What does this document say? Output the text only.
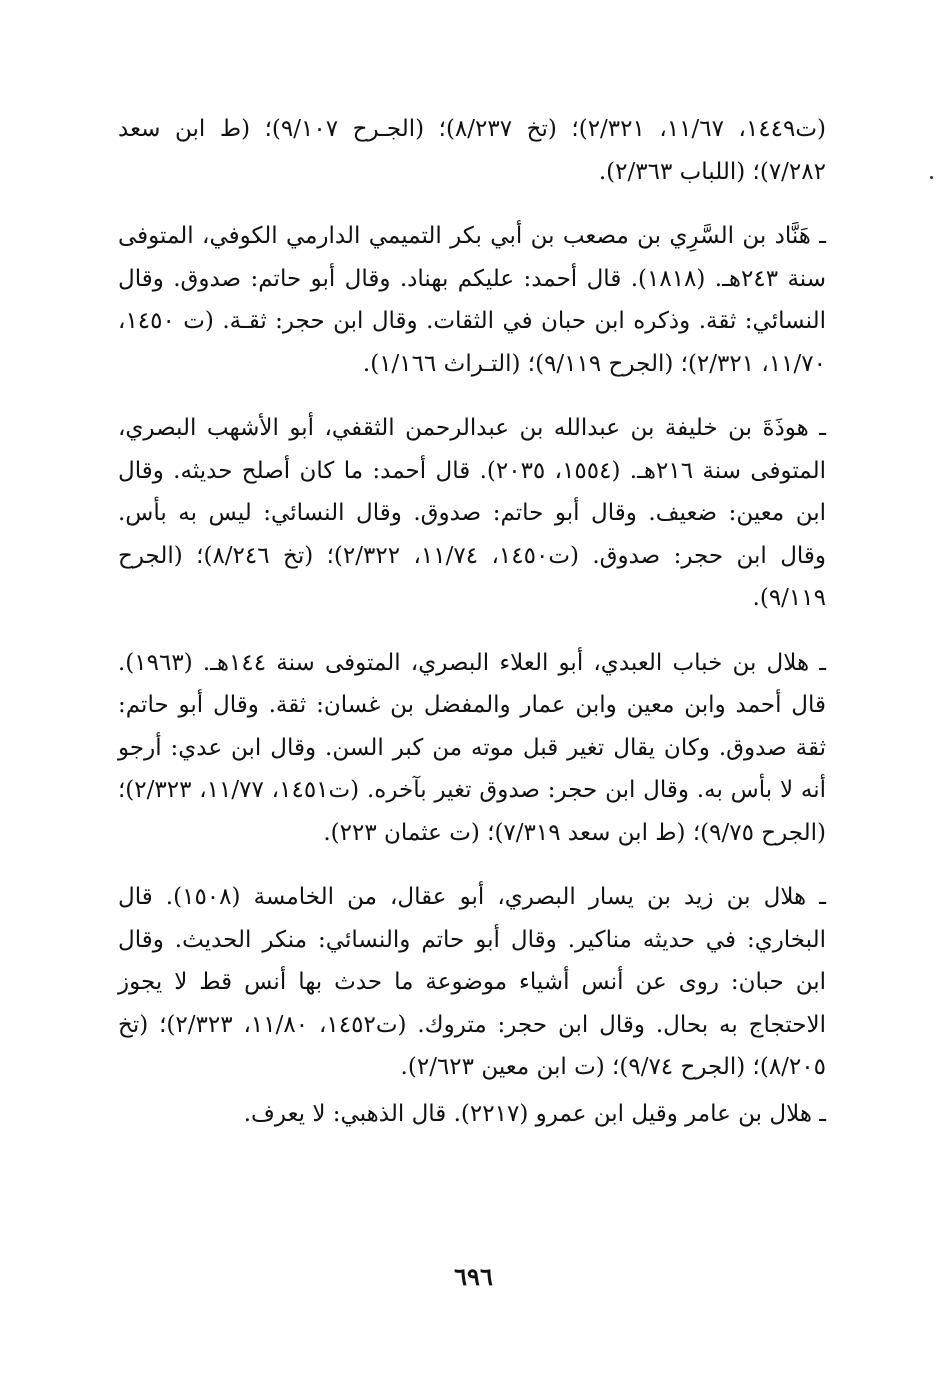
(ت١٤٤٩، ١١/٦٧، ٢/٣٢١)؛ (تخ ٨/٢٣٧)؛ (الجـرح ٩/١٠٧)؛ (ط ابن سعد ٧/٢٨٢)؛ (اللباب ٢/٣٦٣).

ـ هَنَّاد بن السَّرِي بن مصعب بن أبي بكر التميمي الدارمي الكوفي، المتوفى سنة ٢٤٣هـ. (١٨١٨). قال أحمد: عليكم بهناد. وقال أبو حاتم: صدوق. وقال النسائي: ثقة. وذكره ابن حبان في الثقات. وقال ابن حجر: ثقـة. (ت ١٤٥٠، ١١/٧٠، ٢/٣٢١)؛ (الجرح ٩/١١٩)؛ (التـراث ١/١٦٦).

ـ هوذَةَ بن خليفة بن عبدالله بن عبدالرحمن الثقفي، أبو الأشهب البصري، المتوفى سنة ٢١٦هـ. (١٥٥٤، ٢٠٣٥). قال أحمد: ما كان أصلح حديثه. وقال ابن معين: ضعيف. وقال أبو حاتم: صدوق. وقال النسائي: ليس به بأس. وقال ابن حجر: صدوق. (ت١٤٥٠، ١١/٧٤، ٢/٣٢٢)؛ (تخ ٨/٢٤٦)؛ (الجرح ٩/١١٩).

ـ هلال بن خباب العبدي، أبو العلاء البصري، المتوفى سنة ١٤٤هـ. (١٩٦٣). قال أحمد وابن معين وابن عمار والمفضل بن غسان: ثقة. وقال أبو حاتم: ثقة صدوق. وكان يقال تغير قبل موته من كبر السن. وقال ابن عدي: أرجو أنه لا بأس به. وقال ابن حجر: صدوق تغير بآخره. (ت١٤٥١، ١١/٧٧، ٢/٣٢٣)؛ (الجرح ٩/٧٥)؛ (ط ابن سعد ٧/٣١٩)؛ (ت عثمان ٢٢٣).

ـ هلال بن زيد بن يسار البصري، أبو عقال، من الخامسة (١٥٠٨). قال البخاري: في حديثه مناكير. وقال أبو حاتم والنسائي: منكر الحديث. وقال ابن حبان: روى عن أنس أشياء موضوعة ما حدث بها أنس قط لا يجوز الاحتجاج به بحال. وقال ابن حجر: متروك. (ت١٤٥٢، ١١/٨٠، ٢/٣٢٣)؛ (تخ ٨/٢٠٥)؛ (الجرح ٩/٧٤)؛ (ت ابن معين ٢/٦٢٣).

ـ هلال بن عامر وقيل ابن عمرو (٢٢١٧). قال الذهبي: لا يعرف.

٦٩٦
